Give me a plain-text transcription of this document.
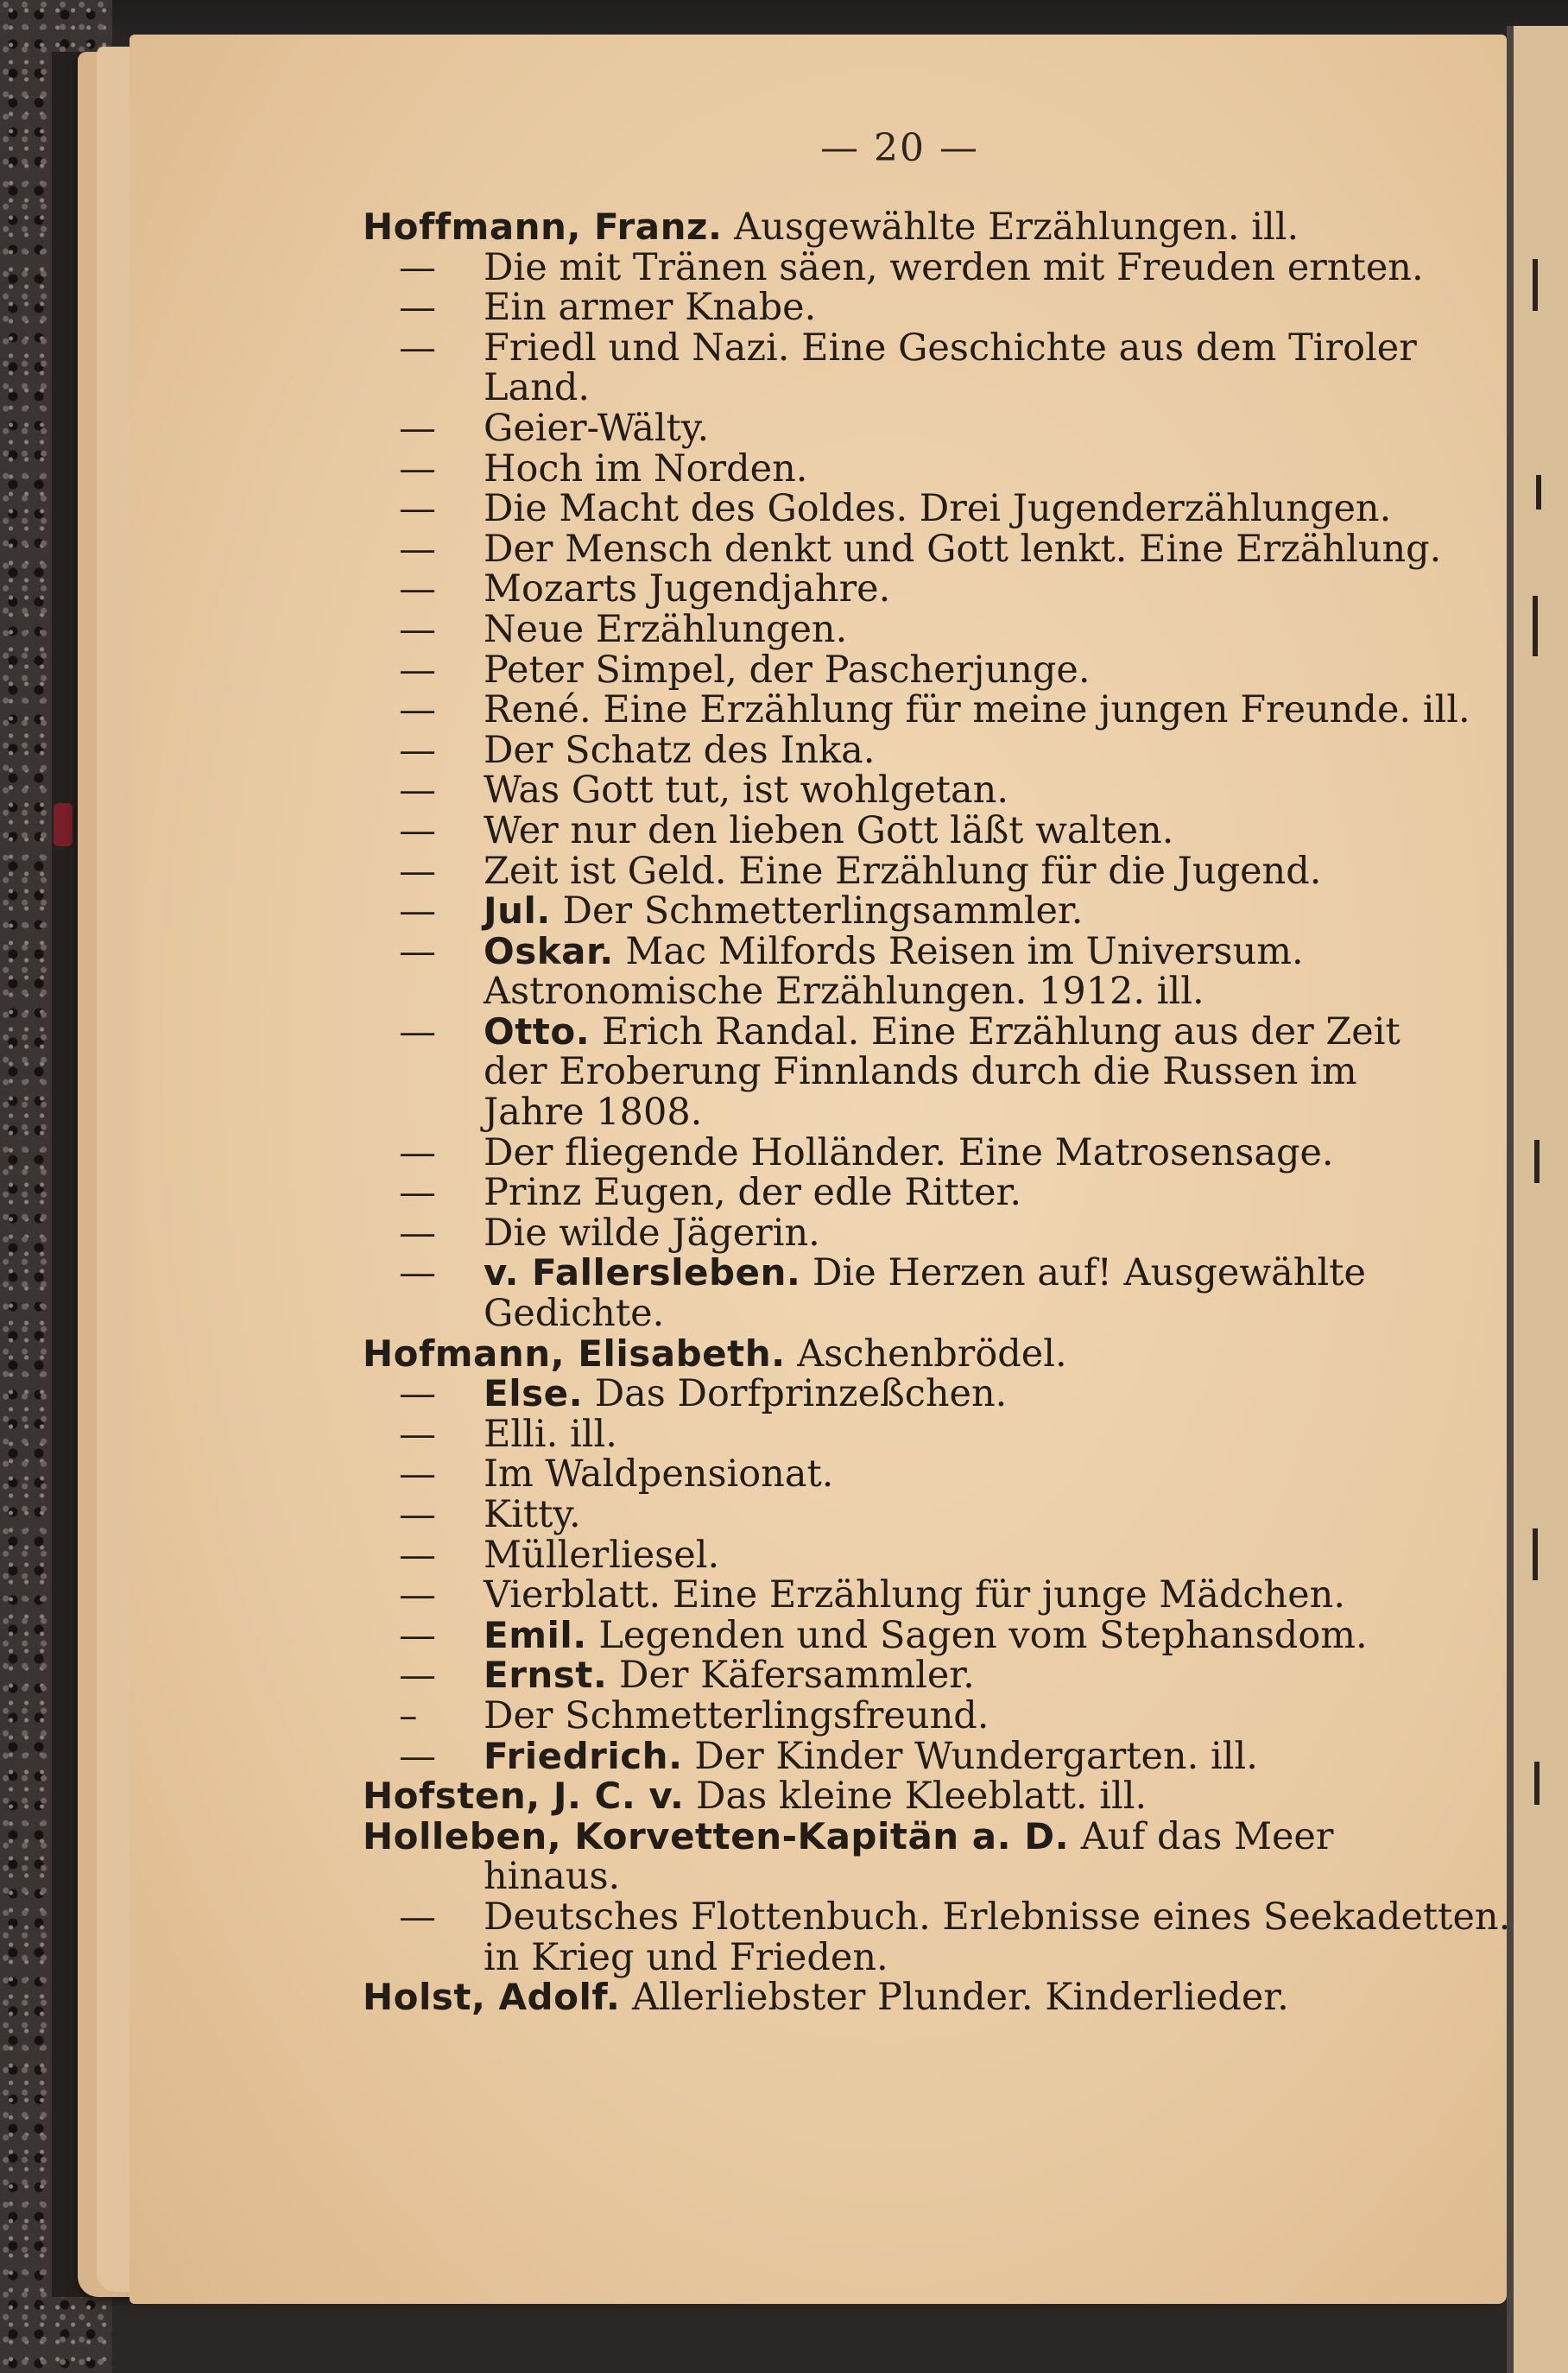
— 20 —
Hoffmann, Franz. Ausgewählte Erzählungen. ill.
—	Die mit Tränen säen, werden mit Freuden ernten.
—	Ein armer Knabe.
—	Friedl und Nazi. Eine Geschichte aus dem Tiroler
Land.
—	Geier-Wälty.
—	Hoch im Norden.
—	Die Macht des Goldes. Drei Jugenderzählungen.
—	Der Mensch denkt und Gott lenkt. Eine Erzählung.
—	Mozarts Jugendjahre.
—	Neue Erzählungen.
—	Peter Simpel, der Pascherjunge.
—	René. Eine Erzählung für meine jungen Freunde. ill.
—	Der Schatz des Inka.
—	Was Gott tut, ist wohlgetan.
—	Wer nur den lieben Gott läßt walten.
—	Zeit ist Geld. Eine Erzählung für die Jugend.
—	Jul. Der Schmetterlingsammler.
—	Oskar. Mac Milfords Reisen im Universum.
Astronomische Erzählungen. 1912. ill.
—	Otto. Erich Randal. Eine Erzählung aus der Zeit
der Eroberung Finnlands durch die Russen im
Jahre 1808.
—	Der fliegende Holländer. Eine Matrosensage.
—	Prinz Eugen, der edle Ritter.
—	Die wilde Jägerin.
—	v. Fallersleben. Die Herzen auf! Ausgewählte
Gedichte.
Hofmann, Elisabeth. Aschenbrödel.
—	Else. Das Dorfprinzeßchen.
—	Elli. ill.
—	Im Waldpensionat.
—	Kitty.
—	Müllerliesel.
—	Vierblatt. Eine Erzählung für junge Mädchen.
—	Emil. Legenden und Sagen vom Stephansdom.
—	Ernst. Der Käfersammler.
–	Der Schmetterlingsfreund.
—	Friedrich. Der Kinder Wundergarten. ill.
Hofsten, J. C. v. Das kleine Kleeblatt. ill.
Holleben, Korvetten-Kapitän a. D. Auf das Meer
hinaus.
—	Deutsches Flottenbuch. Erlebnisse eines Seekadetten.
in Krieg und Frieden.
Holst, Adolf. Allerliebster Plunder. Kinderlieder.
